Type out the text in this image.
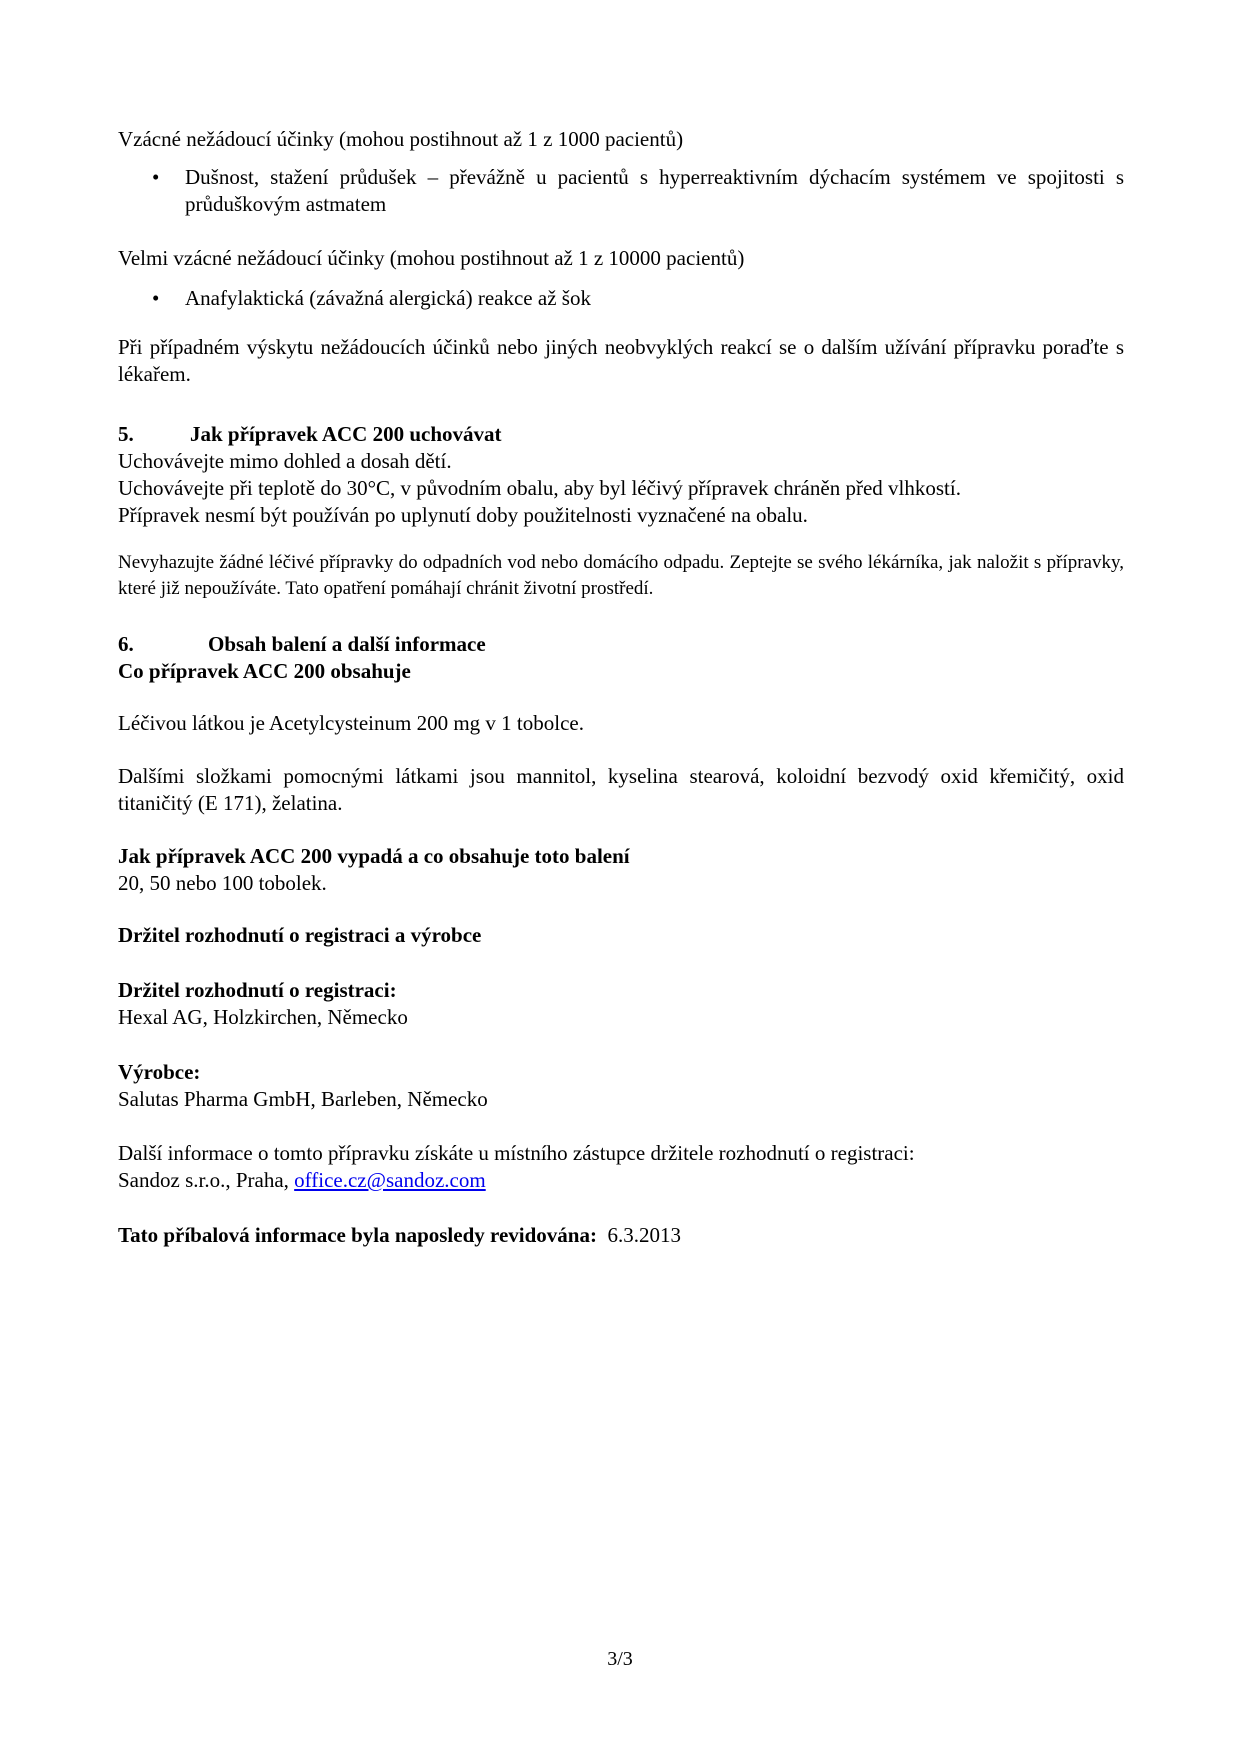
Vzácné nežádoucí účinky (mohou postihnout až 1 z 1000 pacientů)

• Dušnost, stažení průdušek – převážně u pacientů s hyperreaktivním dýchacím systémem ve spojitosti s průduškovým astmatem

Velmi vzácné nežádoucí účinky (mohou postihnout až 1 z 10000 pacientů)

• Anafylaktická (závažná alergická) reakce až šok

Při případném výskytu nežádoucích účinků nebo jiných neobvyklých reakcí se o dalším užívání přípravku poraďte s lékařem.

5.	Jak přípravek ACC 200 uchovávat

Uchovávejte mimo dohled a dosah dětí.

Uchovávejte při teplotě do 30°C, v původním obalu, aby byl léčivý přípravek chráněn před vlhkostí.

Přípravek nesmí být používán po uplynutí doby použitelnosti vyznačené na obalu.

Nevyhazujte žádné léčivé přípravky do odpadních vod nebo domácího odpadu. Zeptejte se svého lékárníka, jak naložit s přípravky, které již nepoužíváte. Tato opatření pomáhají chránit životní prostředí.

6.	Obsah balení a další informace

Co přípravek ACC 200 obsahuje

Léčivou látkou je Acetylcysteinum 200 mg v 1 tobolce.

Dalšími složkami pomocnými látkami jsou mannitol, kyselina stearová, koloidní bezvodý oxid křemičitý, oxid titaničitý (E 171), želatina.

Jak přípravek ACC 200 vypadá a co obsahuje toto balení

20, 50 nebo 100 tobolek.

Držitel rozhodnutí o registraci a výrobce

Držitel rozhodnutí o registraci:

Hexal AG, Holzkirchen, Německo

Výrobce:

Salutas Pharma GmbH, Barleben, Německo

Další informace o tomto přípravku získáte u místního zástupce držitele rozhodnutí o registraci:

Sandoz s.r.o., Praha, office.cz@sandoz.com

Tato příbalová informace byla naposledy revidována: 6.3.2013

3/3
